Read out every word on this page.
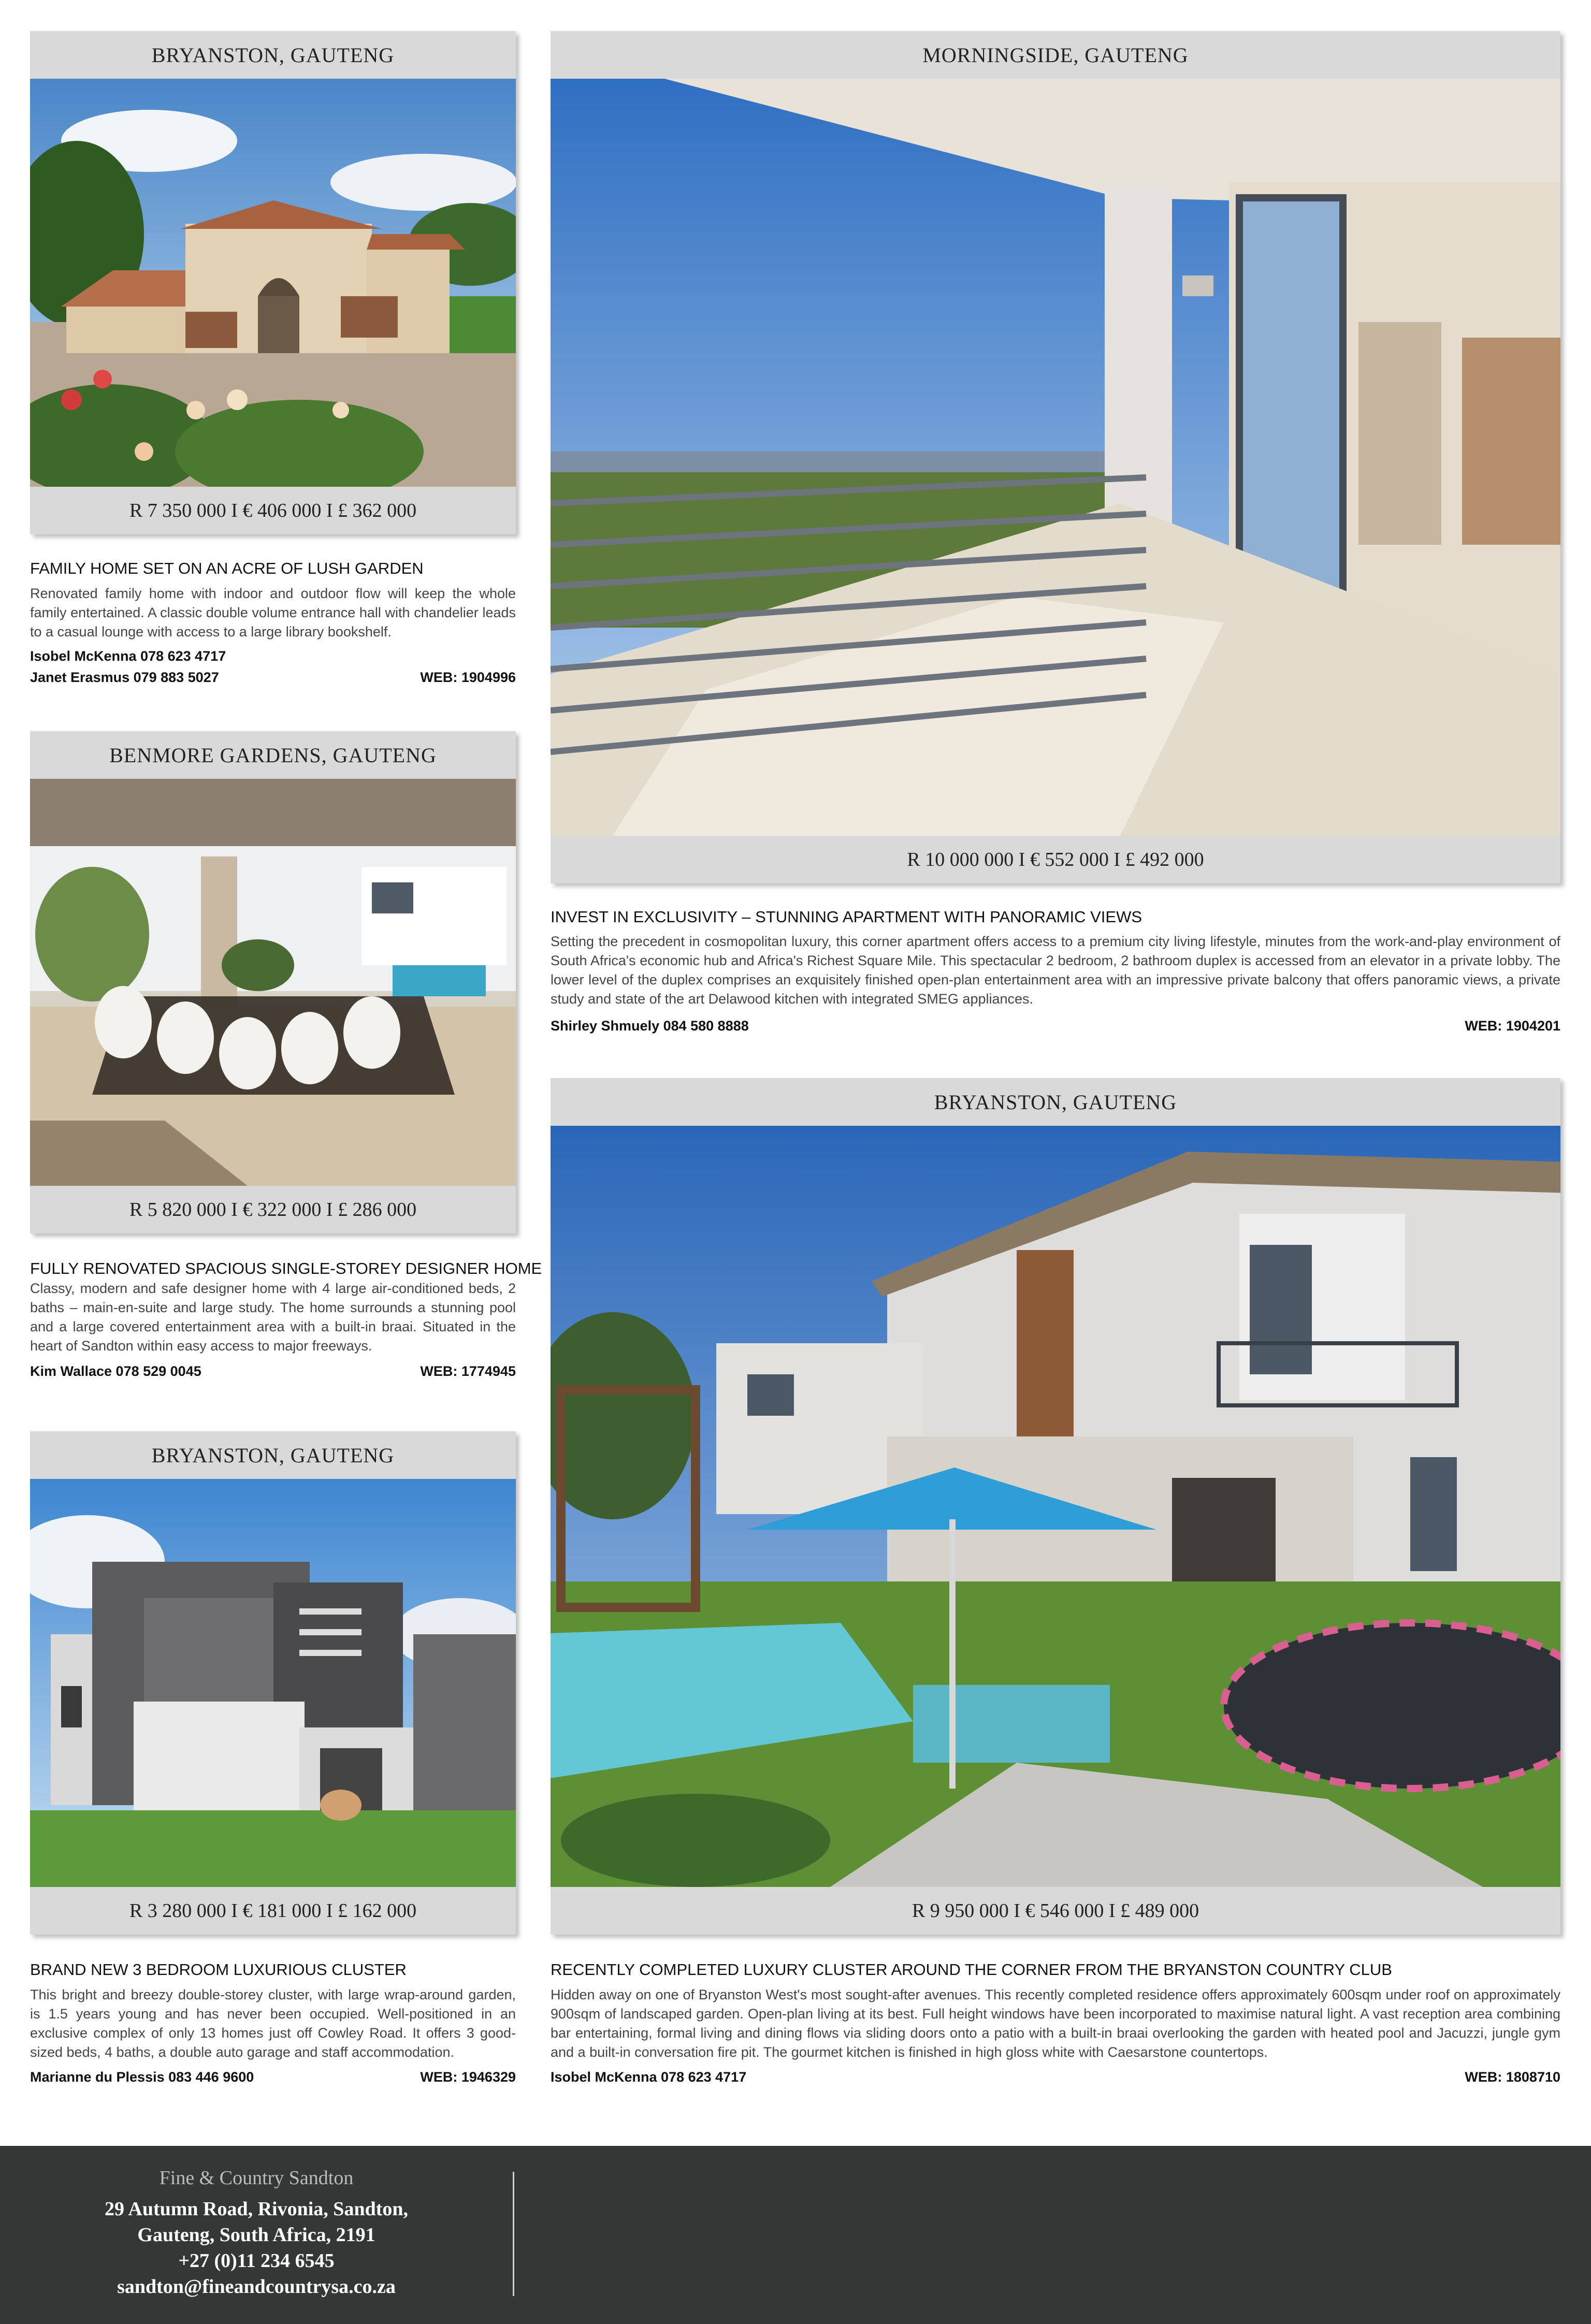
BRYANSTON, GAUTENG
R 7 350 000 I € 406 000 I £ 362 000
FAMILY HOME SET ON AN ACRE OF LUSH GARDEN
Renovated family home with indoor and outdoor flow will keep the whole family entertained. A classic double volume entrance hall with chandelier leads to a casual lounge with access to a large library bookshelf.
Isobel McKenna 078 623 4717
Janet Erasmus 079 883 5027	WEB: 1904996
BENMORE GARDENS, GAUTENG
R 5 820 000 I € 322 000 I £ 286 000
FULLY RENOVATED SPACIOUS SINGLE-STOREY DESIGNER HOME
Classy, modern and safe designer home with 4 large air-conditioned beds, 2 baths – main-en-suite and large study. The home surrounds a stunning pool and a large covered entertainment area with a built-in braai. Situated in the heart of Sandton within easy access to major freeways.
Kim Wallace 078 529 0045	WEB: 1774945
BRYANSTON, GAUTENG
R 3 280 000 I € 181 000 I £ 162 000
BRAND NEW 3 BEDROOM LUXURIOUS CLUSTER
This bright and breezy double-storey cluster, with large wrap-around garden, is 1.5 years young and has never been occupied. Well-positioned in an exclusive complex of only 13 homes just off Cowley Road. It offers 3 good-sized beds, 4 baths, a double auto garage and staff accommodation.
Marianne du Plessis 083 446 9600	WEB: 1946329
MORNINGSIDE, GAUTENG
R 10 000 000 I € 552 000 I £ 492 000
INVEST IN EXCLUSIVITY – STUNNING APARTMENT WITH PANORAMIC VIEWS
Setting the precedent in cosmopolitan luxury, this corner apartment offers access to a premium city living lifestyle, minutes from the work-and-play environment of South Africa's economic hub and Africa's Richest Square Mile. This spectacular 2 bedroom, 2 bathroom duplex is accessed from an elevator in a private lobby. The lower level of the duplex comprises an exquisitely finished open-plan entertainment area with an impressive private balcony that offers panoramic views, a private study and state of the art Delawood kitchen with integrated SMEG appliances.
Shirley Shmuely 084 580 8888	WEB: 1904201
BRYANSTON, GAUTENG
R 9 950 000 I € 546 000 I £ 489 000
RECENTLY COMPLETED LUXURY CLUSTER AROUND THE CORNER FROM THE BRYANSTON COUNTRY CLUB
Hidden away on one of Bryanston West's most sought-after avenues. This recently completed residence offers approximately 600sqm under roof on approximately 900sqm of landscaped garden. Open-plan living at its best. Full height windows have been incorporated to maximise natural light. A vast reception area combining bar entertaining, formal living and dining flows via sliding doors onto a patio with a built-in braai overlooking the garden with heated pool and Jacuzzi, jungle gym and a built-in conversation fire pit. The gourmet kitchen is finished in high gloss white with Caesarstone countertops.
Isobel McKenna 078 623 4717	WEB: 1808710
Fine & Country Sandton
29 Autumn Road, Rivonia, Sandton,
Gauteng, South Africa, 2191
+27 (0)11 234 6545
sandton@fineandcountrysa.co.za
